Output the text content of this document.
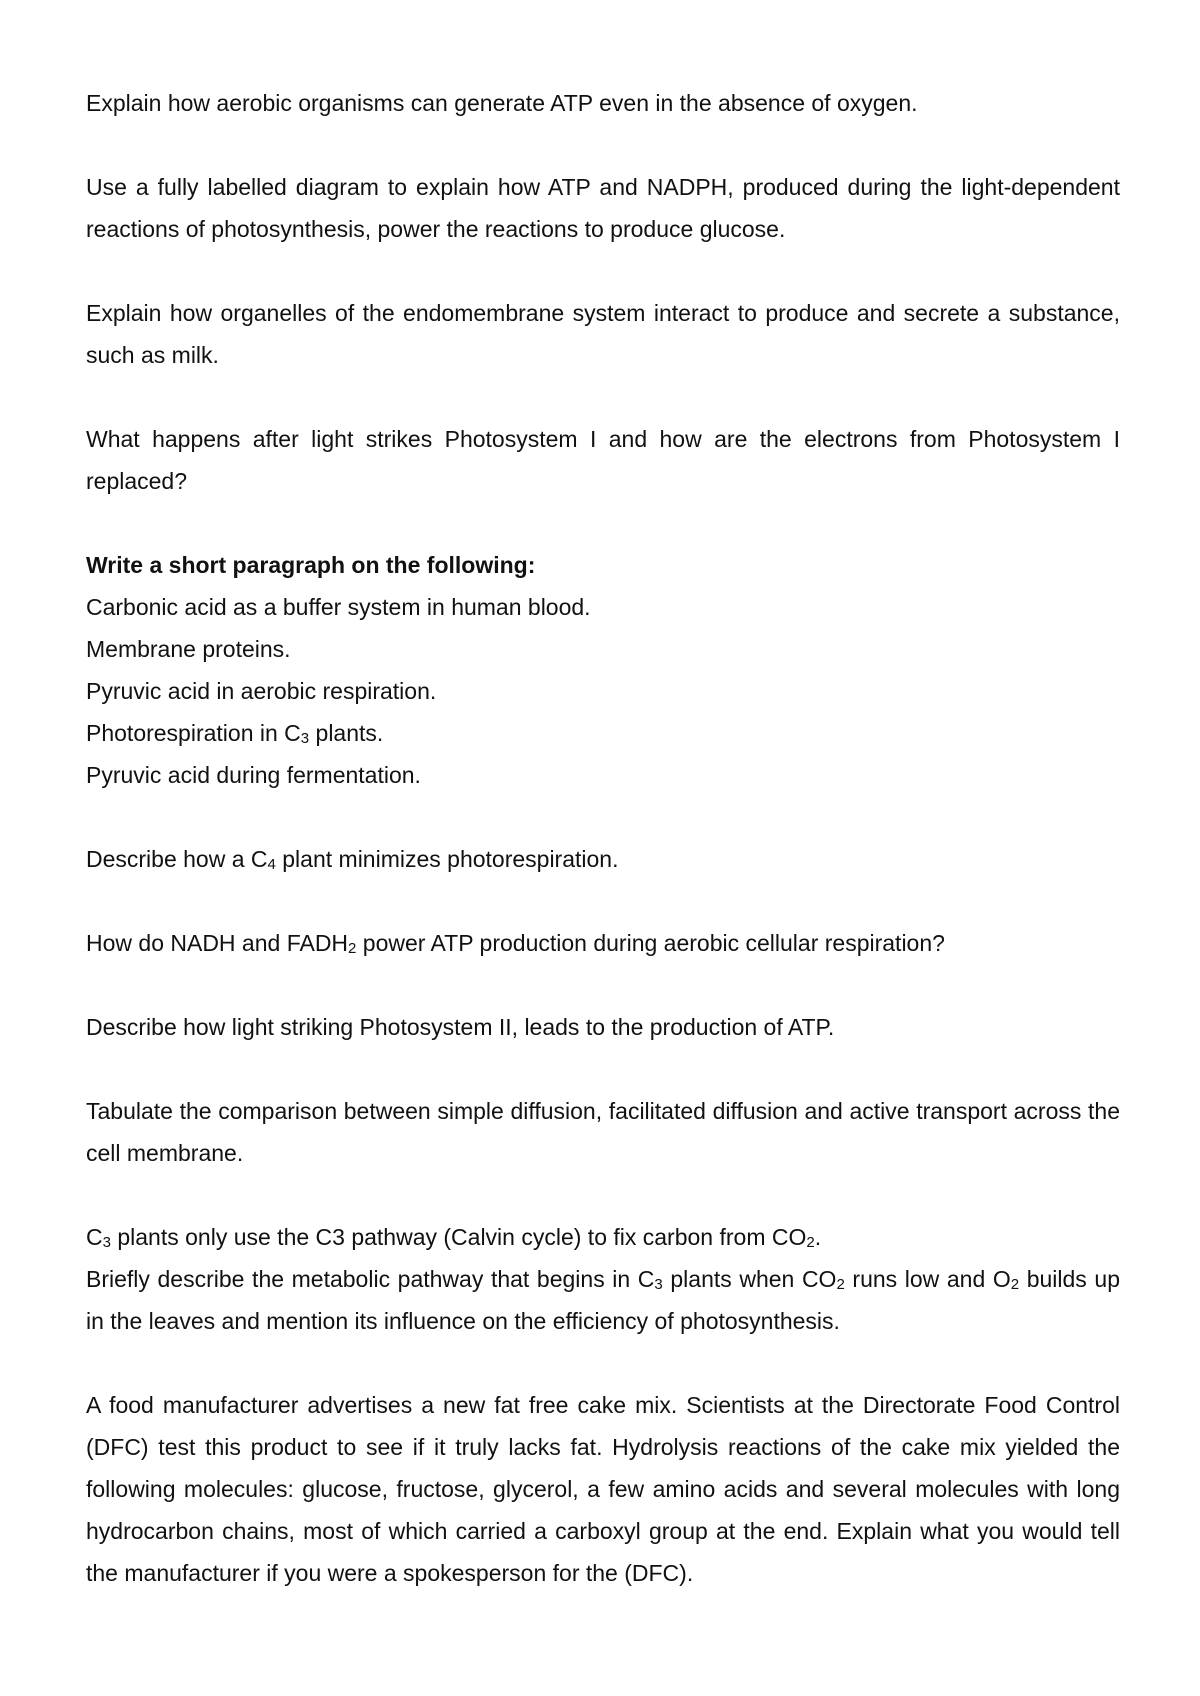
Explain how aerobic organisms can generate ATP even in the absence of oxygen.

Use a fully labelled diagram to explain how ATP and NADPH, produced during the light-dependent reactions of photosynthesis, power the reactions to produce glucose.

Explain how organelles of the endomembrane system interact to produce and secrete a substance, such as milk.

What happens after light strikes Photosystem I and how are the electrons from Photosystem I replaced?

Write a short paragraph on the following:
Carbonic acid as a buffer system in human blood.
Membrane proteins.
Pyruvic acid in aerobic respiration.
Photorespiration in $C_3$ plants.
Pyruvic acid during fermentation.

Describe how a $C_4$ plant minimizes photorespiration.

How do NADH and $FADH_2$ power ATP production during aerobic cellular respiration?

Describe how light striking Photosystem II, leads to the production of ATP.

Tabulate the comparison between simple diffusion, facilitated diffusion and active transport across the cell membrane.

$C_3$ plants only use the C3 pathway (Calvin cycle) to fix carbon from $CO_2$.

Briefly describe the metabolic pathway that begins in $C_3$ plants when $CO_2$ runs low and $O_2$ builds up in the leaves and mention its influence on the efficiency of photosynthesis.

A food manufacturer advertises a new fat free cake mix. Scientists at the Directorate Food Control (DFC) test this product to see if it truly lacks fat. Hydrolysis reactions of the cake mix yielded the following molecules: glucose, fructose, glycerol, a few amino acids and several molecules with long hydrocarbon chains, most of which carried a carboxyl group at the end. Explain what you would tell the manufacturer if you were a spokesperson for the (DFC).
